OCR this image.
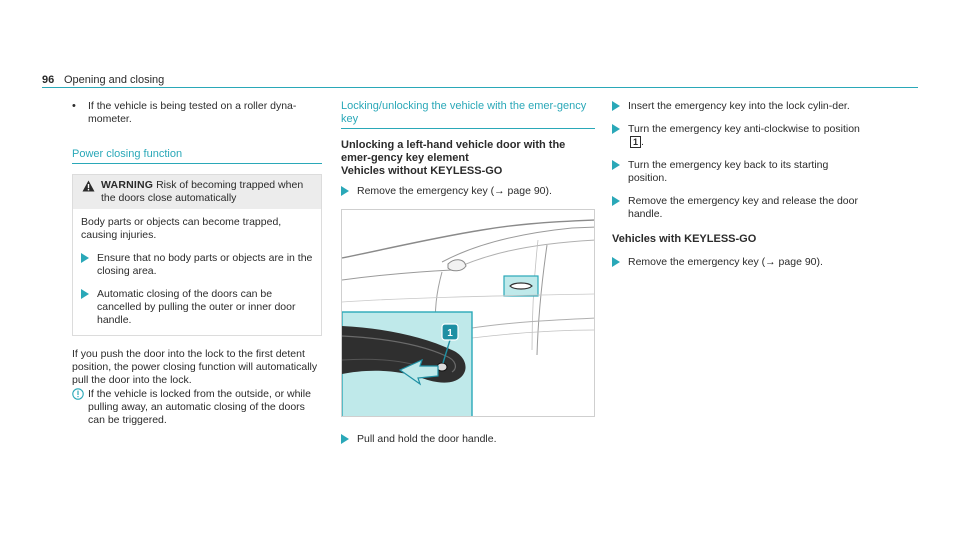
96 Opening and closing
• If the vehicle is being tested on a roller dyna-mometer.
Power closing function
WARNING Risk of becoming trapped when the doors close automatically
Body parts or objects can become trapped, causing injuries.
Ensure that no body parts or objects are in the closing area.
Automatic closing of the doors can be cancelled by pulling the outer or inner door handle.
If you push the door into the lock to the first detent position, the power closing function will automatically pull the door into the lock.
If the vehicle is locked from the outside, or while pulling away, an automatic closing of the doors can be triggered.
Locking/unlocking the vehicle with the emer-gency key
Unlocking a left-hand vehicle door with the emer-gency key element
Vehicles without KEYLESS-GO
Remove the emergency key (→ page 90).
1
Pull and hold the door handle.
Insert the emergency key into the lock cylin-der.
Turn the emergency key anti-clockwise to position 1 .
Turn the emergency key back to its starting position.
Remove the emergency key and release the door handle.
Vehicles with KEYLESS-GO
Remove the emergency key (→ page 90).
